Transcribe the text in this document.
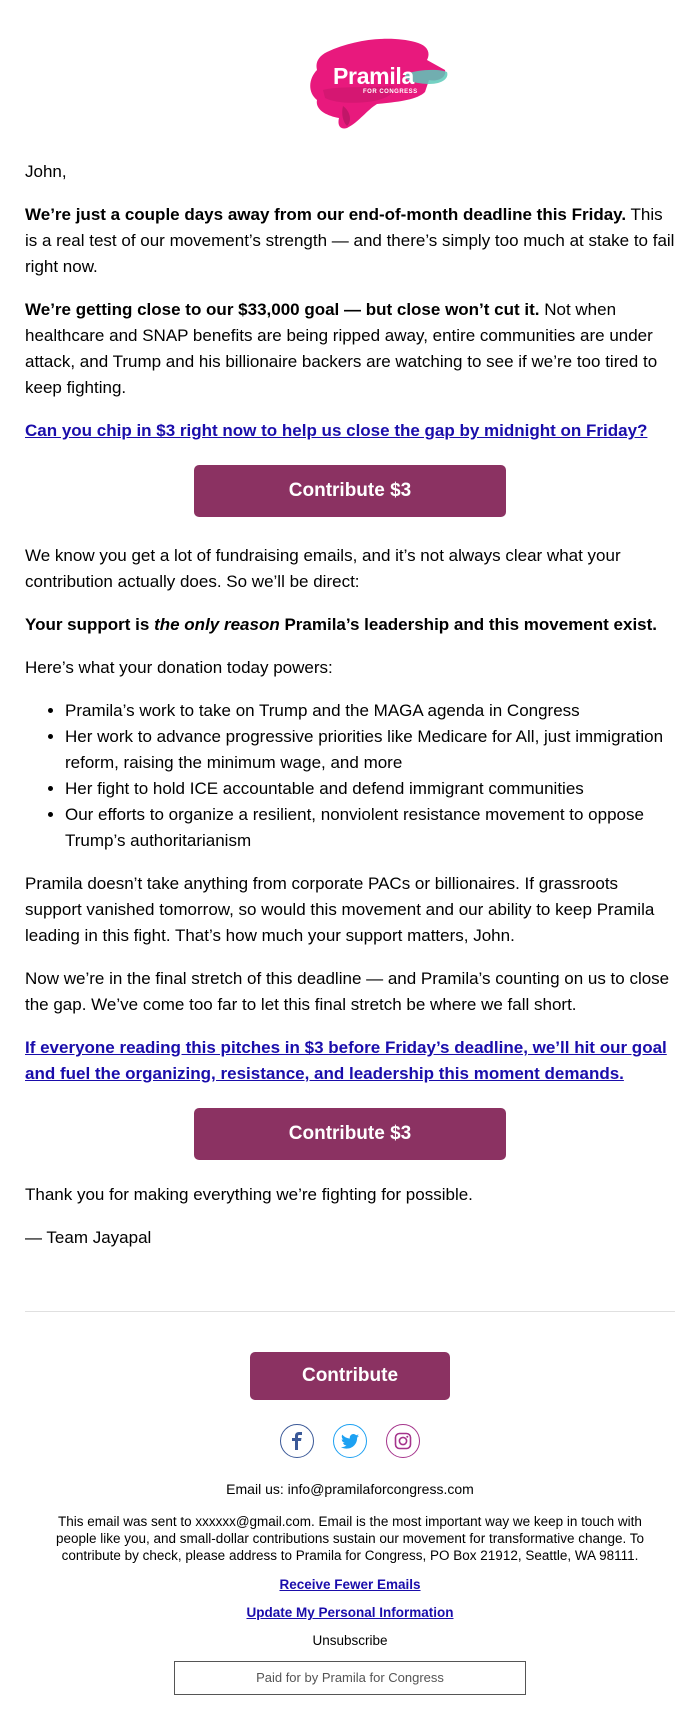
Pramila
FOR CONGRESS

John,

We’re just a couple days away from our end-of-month deadline this Friday. This is a real test of our movement’s strength — and there’s simply too much at stake to fail right now.

We’re getting close to our $33,000 goal — but close won’t cut it. Not when healthcare and SNAP benefits are being ripped away, entire communities are under attack, and Trump and his billionaire backers are watching to see if we’re too tired to keep fighting.

Can you chip in $3 right now to help us close the gap by midnight on Friday?

Contribute $3

We know you get a lot of fundraising emails, and it’s not always clear what your contribution actually does. So we’ll be direct:

Your support is the only reason Pramila’s leadership and this movement exist.

Here’s what your donation today powers:

• Pramila’s work to take on Trump and the MAGA agenda in Congress
• Her work to advance progressive priorities like Medicare for All, just immigration reform, raising the minimum wage, and more
• Her fight to hold ICE accountable and defend immigrant communities
• Our efforts to organize a resilient, nonviolent resistance movement to oppose Trump’s authoritarianism

Pramila doesn’t take anything from corporate PACs or billionaires. If grassroots support vanished tomorrow, so would this movement and our ability to keep Pramila leading in this fight. That’s how much your support matters, John.

Now we’re in the final stretch of this deadline — and Pramila’s counting on us to close the gap. We’ve come too far to let this final stretch be where we fall short.

If everyone reading this pitches in $3 before Friday’s deadline, we’ll hit our goal and fuel the organizing, resistance, and leadership this moment demands.

Contribute $3

Thank you for making everything we’re fighting for possible.

— Team Jayapal

Contribute
Email us: info@pramilaforcongress.com
This email was sent to xxxxxx@gmail.com. Email is the most important way we keep in touch with people like you, and small-dollar contributions sustain our movement for transformative change. To contribute by check, please address to Pramila for Congress, PO Box 21912, Seattle, WA 98111.
Receive Fewer Emails
Update My Personal Information
Unsubscribe
Paid for by Pramila for Congress
